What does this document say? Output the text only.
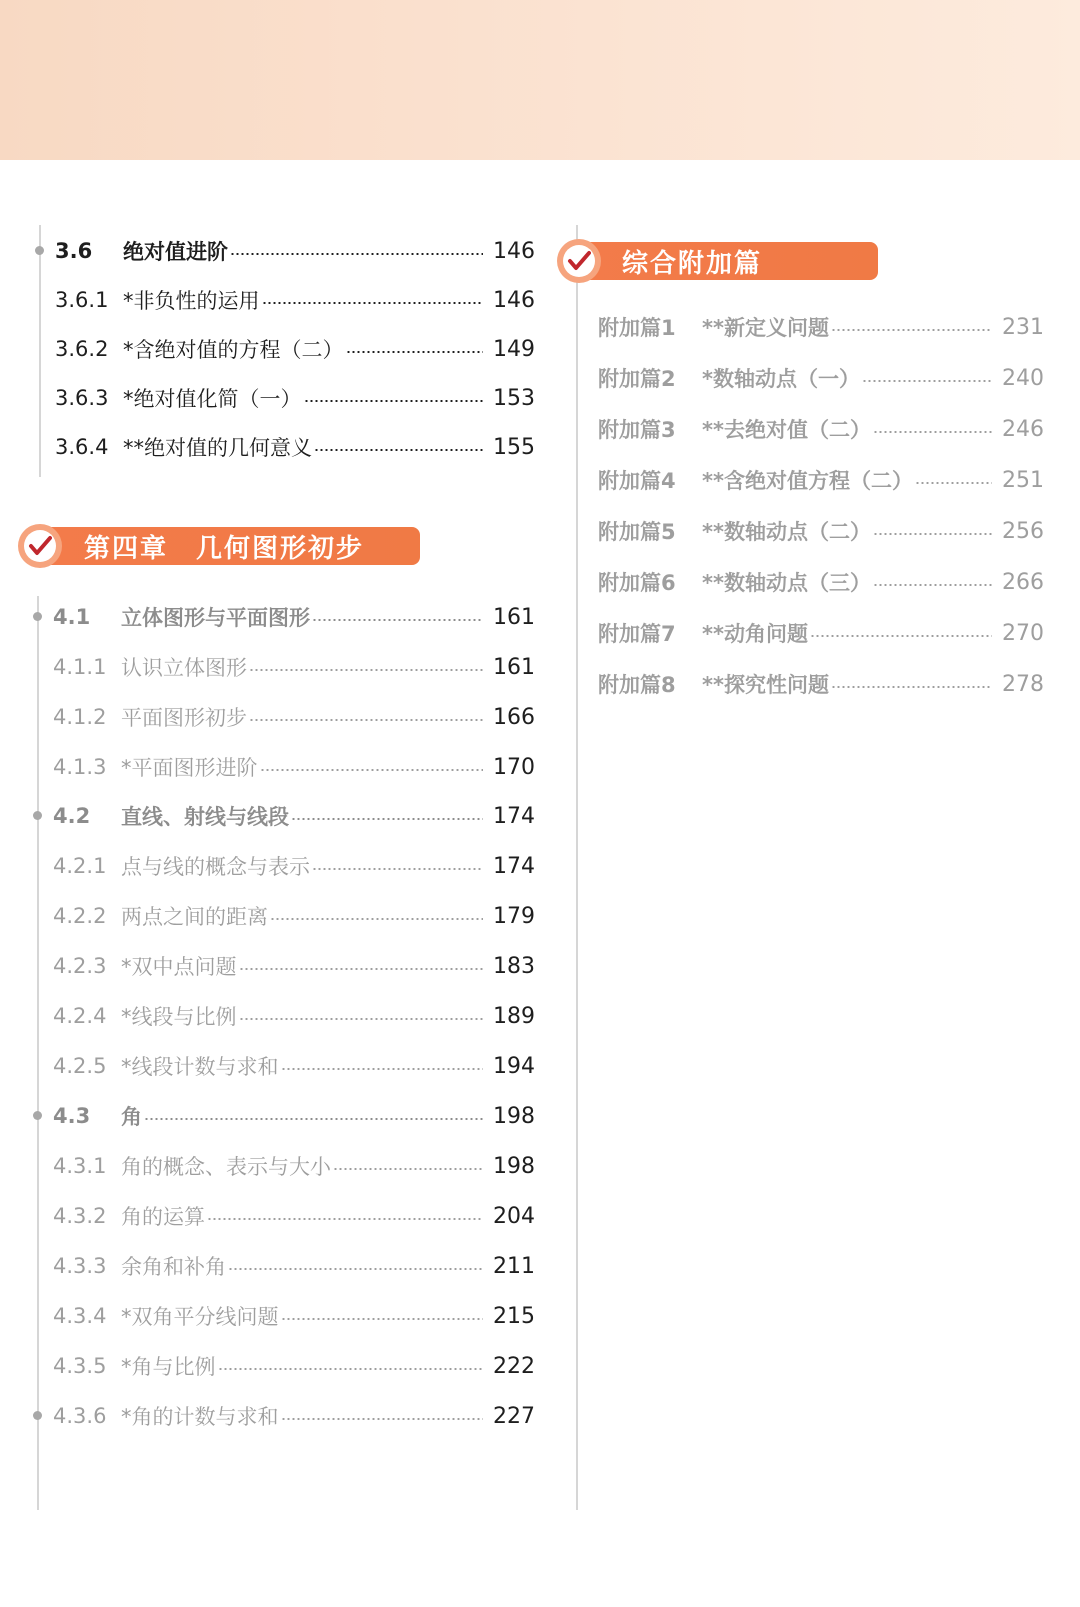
3.6	绝对值进阶	146
3.6.1 *非负性的运用	146
3.6.2 *含绝对值的方程（二）	149
3.6.3 *绝对值化简（一）	153
3.6.4 **绝对值的几何意义	155
第四章　几何图形初步
4.1	立体图形与平面图形	161
4.1.1 认识立体图形	161
4.1.2 平面图形初步	166
4.1.3 *平面图形进阶	170
4.2	直线、射线与线段	174
4.2.1 点与线的概念与表示	174
4.2.2 两点之间的距离	179
4.2.3 *双中点问题	183
4.2.4 *线段与比例	189
4.2.5 *线段计数与求和	194
4.3	角	198
4.3.1 角的概念、表示与大小	198
4.3.2 角的运算	204
4.3.3 余角和补角	211
4.3.4 *双角平分线问题	215
4.3.5 *角与比例	222
4.3.6 *角的计数与求和	227
综合附加篇
附加篇1	**新定义问题	231
附加篇2	*数轴动点（一）	240
附加篇3	**去绝对值（二）	246
附加篇4	**含绝对值方程（二）	251
附加篇5	**数轴动点（二）	256
附加篇6	**数轴动点（三）	266
附加篇7	**动角问题	270
附加篇8	**探究性问题	278
